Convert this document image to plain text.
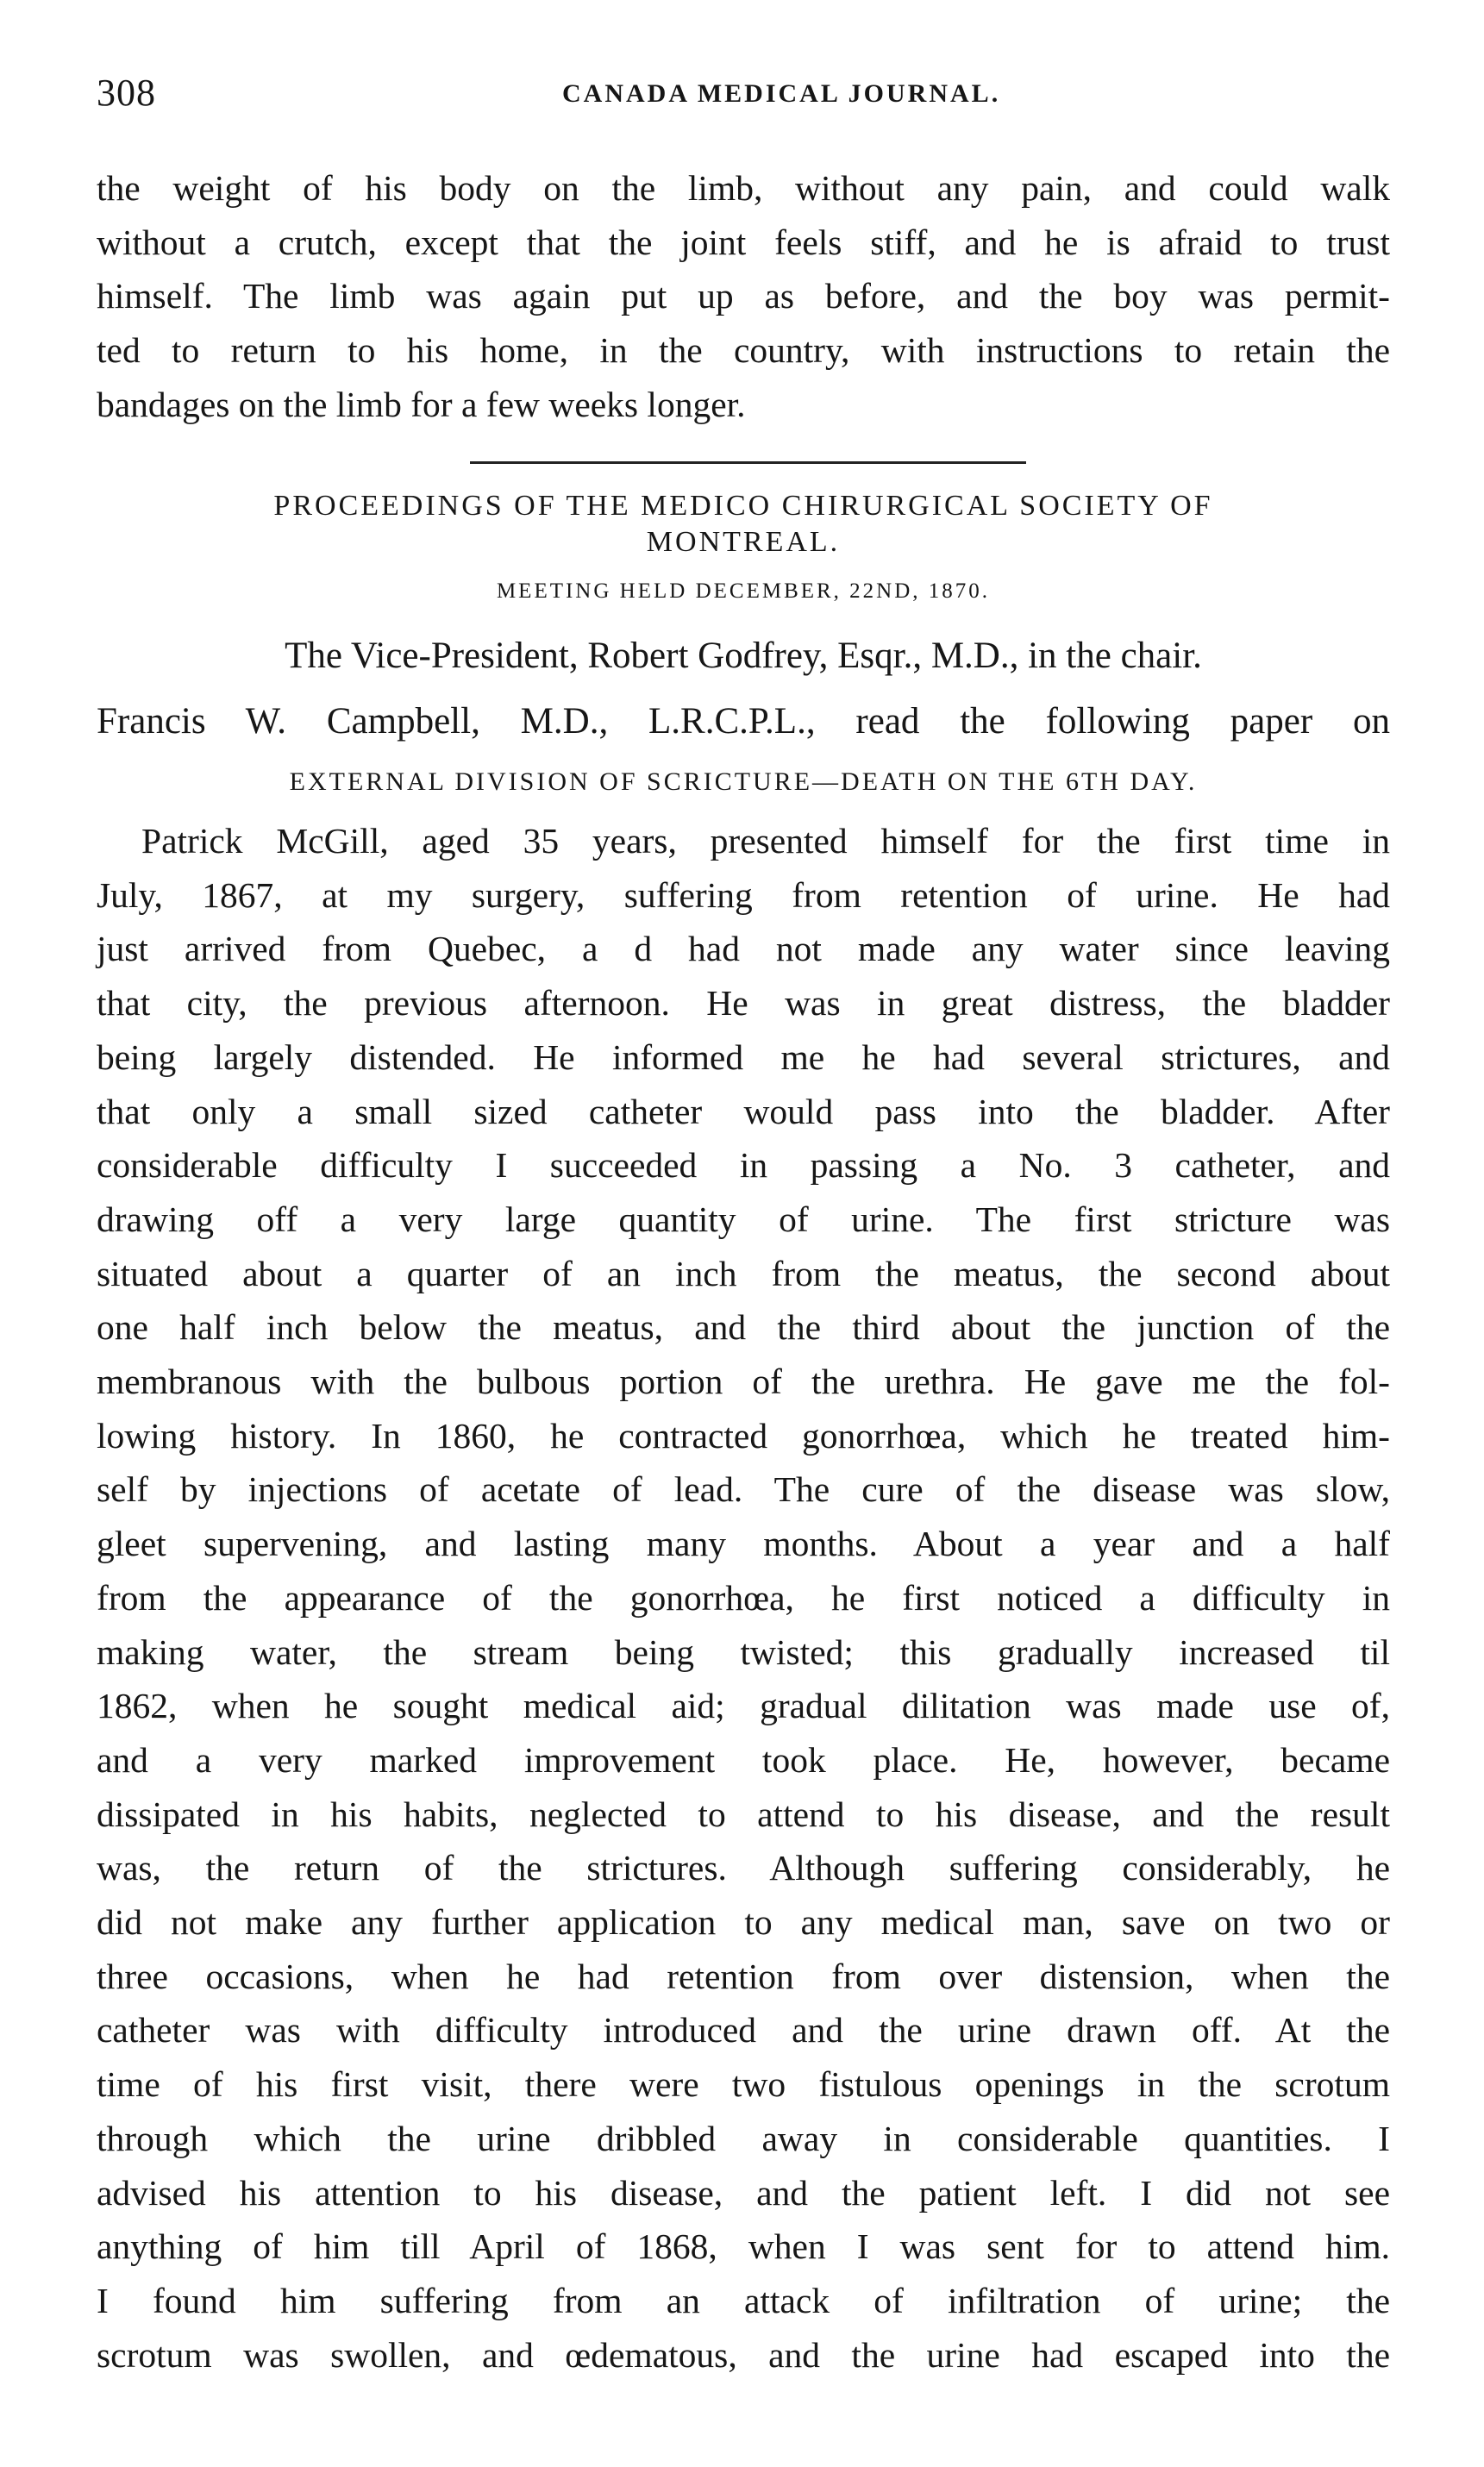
308	CANADA MEDICAL JOURNAL.

the weight of his body on the limb, without any pain, and could walk

without a crutch, except that the joint feels stiff, and he is afraid to trust

himself. The limb was again put up as before, and the boy was permit-

ted to return to his home, in the country, with instructions to retain the

bandages on the limb for a few weeks longer.

PROCEEDINGS OF THE MEDICO CHIRURGICAL SOCIETY OF
MONTREAL.
MEETING HELD DECEMBER, 22ND, 1870.
The Vice-President, Robert Godfrey, Esqr., M.D., in the chair.
Francis W. Campbell, M.D., L.R.C.P.L., read the following paper on
EXTERNAL DIVISION OF SCRICTURE—DEATH ON THE 6TH DAY.

Patrick McGill, aged 35 years, presented himself for the first time in

July, 1867, at my surgery, suffering from retention of urine. He had

just arrived from Quebec, a d had not made any water since leaving

that city, the previous afternoon. He was in great distress, the bladder

being largely distended. He informed me he had several strictures, and

that only a small sized catheter would pass into the bladder. After

considerable difficulty I succeeded in passing a No. 3 catheter, and

drawing off a very large quantity of urine. The first stricture was

situated about a quarter of an inch from the meatus, the second about

one half inch below the meatus, and the third about the junction of the

membranous with the bulbous portion of the urethra. He gave me the fol-

lowing history. In 1860, he contracted gonorrhœa, which he treated him-

self by injections of acetate of lead. The cure of the disease was slow,

gleet supervening, and lasting many months. About a year and a half

from the appearance of the gonorrhœa, he first noticed a difficulty in

making water, the stream being twisted; this gradually increased til

1862, when he sought medical aid; gradual dilitation was made use of,

and a very marked improvement took place. He, however, became

dissipated in his habits, neglected to attend to his disease, and the result

was, the return of the strictures. Although suffering considerably, he

did not make any further application to any medical man, save on two or

three occasions, when he had retention from over distension, when the

catheter was with difficulty introduced and the urine drawn off. At the

time of his first visit, there were two fistulous openings in the scrotum

through which the urine dribbled away in considerable quantities. I

advised his attention to his disease, and the patient left. I did not see

anything of him till April of 1868, when I was sent for to attend him.

I found him suffering from an attack of infiltration of urine; the

scrotum was swollen, and œdematous, and the urine had escaped into the
